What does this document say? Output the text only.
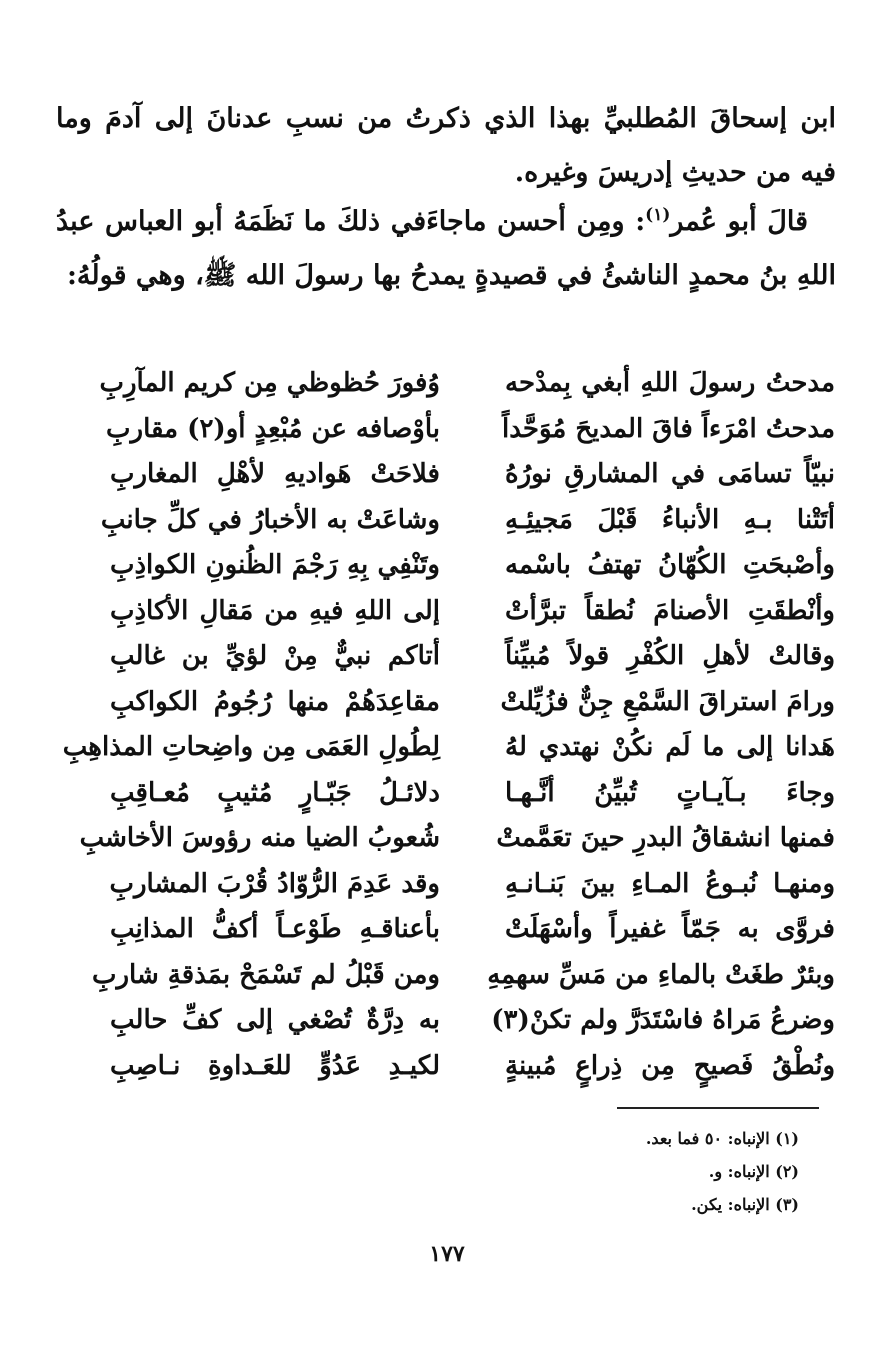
ابن إسحاقَ المُطلبيِّ بهذا الذي ذكرتُ من نسبِ عدنانَ إلى آدمَ وما فيه من حديثِ إدريسَ وغيره.

قالَ أبو عُمر$^{(١)}$: ومِن أحسن ماجاءَفي ذلكَ ما نَظَمَهُ أبو العباس عبدُ اللهِ بنُ محمدٍ الناشئُ في قصيدةٍ يمدحُ بها رسولَ الله ﷺ، وهي قولُهُ:

مدحتُ رسولَ اللهِ أبغي بِمدْحه
وُفورَ حُظوظي مِن كريم المآرِبِ
مدحتُ امْرَءاً فاقَ المديحَ مُوَحَّداً
بأوْصافه عن مُبْعِدٍ أو(٢) مقاربِ
نبيّاً تسامَى في المشارقِ نورُهُ
فلاحَتْ هَواديهِ لأهْلِ المغاربِ
أتَتْنا بـهِ الأنباءُ قَبْلَ مَجيئِـهِ
وشاعَتْ به الأخبارُ في كلِّ جانبِ
وأصْبحَتِ الكُهّانُ تهتفُ باسْمه
وتَنْفِي بِهِ رَجْمَ الظُنونِ الكواذِبِ
وأنْطقَتِ الأصنامَ نُطقاً تبرَّأتْ
إلى اللهِ فيهِ من مَقالِ الأكاذِبِ
وقالتْ لأهلِ الكُفْرِ قولاً مُبيِّناً
أتاكم نبيٌّ مِنْ لؤيِّ بن غالبِ
ورامَ استراقَ السَّمْعِ جِنٌّ فزُيِّلتْ
مقاعِدَهُمْ منها رُجُومُ الكواكبِ
هَدانا إلى ما لَم نكُنْ نهتدي لهُ
لِطُولِ العَمَى مِن واضِحاتِ المذاهِبِ
وجاءَ بـآيـاتٍ تُبيِّنُ أنَّـهـا
دلائـلُ جَبّـارٍ مُثيبٍ مُعـاقِبِ
فمنها انشقاقُ البدرِ حينَ تعَمَّمتْ
شُعوبُ الضيا منه رؤوسَ الأخاشبِ
ومنهـا نُبـوعُ المـاءِ بينَ بَنـانـهِ
وقد عَدِمَ الرُّوّادُ قُرْبَ المشاربِ
فروَّى به جَمّاً غفيراً وأسْهَلَتْ
بأعناقـهِ طَوْعـاً أكفُّ المذانِبِ
وبئرٌ طغَتْ بالماءِ من مَسِّ سهمِهِ
ومن قَبْلُ لم تَسْمَحْ بمَذقةِ شاربِ
وضرعُ مَراهُ فاسْتَدَرَّ ولم تكنْ(٣)
به دِرَّةٌ تُصْغي إلى كفِّ حالبِ
ونُطْقُ فَصيحٍ مِن ذِراعٍ مُبينةٍ
لكيـدِ عَدُوٍّ للعَـداوةِ نـاصِبِ
(١) الإنباه: ٥٠ فما بعد.
(٢) الإنباه: و.
(٣) الإنباه: يكن.
١٧٧
